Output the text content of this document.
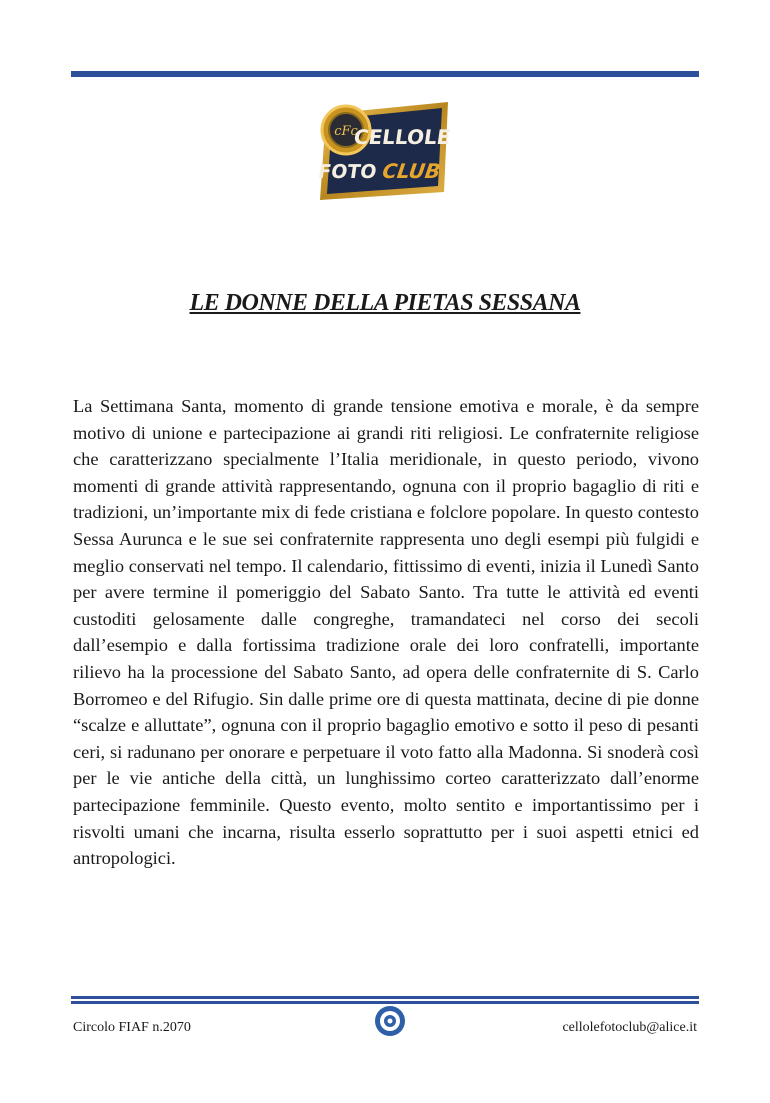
cFc
CELLOLE
FOTO CLUB
LE DONNE DELLA PIETAS SESSANA
La Settimana Santa, momento di grande tensione emotiva e morale, è da sempre motivo di unione e partecipazione ai grandi riti religiosi. Le confraternite religiose che caratterizzano specialmente l’Italia meridionale, in questo periodo, vivono momenti di grande attività rappresentando, ognuna con il proprio bagaglio di riti e tradizioni, un’importante mix di fede cristiana e folclore popolare. In questo contesto Sessa Aurunca e le sue sei confraternite rappresenta uno degli esempi più fulgidi e meglio conservati nel tempo. Il calendario, fittissimo di eventi, inizia il Lunedì Santo per avere termine il pomeriggio del Sabato Santo. Tra tutte le attività ed eventi custoditi gelosamente dalle congreghe, tramandateci nel corso dei secoli dall’esempio e dalla fortissima tradizione orale dei loro confratelli, importante rilievo ha la processione del Sabato Santo, ad opera delle confraternite di S. Carlo Borromeo e del Rifugio. Sin dalle prime ore di questa mattinata, decine di pie donne “scalze e alluttate”, ognuna con il proprio bagaglio emotivo e sotto il peso di pesanti ceri, si radunano per onorare e perpetuare il voto fatto alla Madonna. Si snoderà così per le vie antiche della città, un lunghissimo corteo caratterizzato dall’enorme partecipazione femminile. Questo evento, molto sentito e importantissimo per i risvolti umani che incarna, risulta esserlo soprattutto per i suoi aspetti etnici ed antropologici.
Circolo FIAF n.2070	cellolefotoclub@alice.it
